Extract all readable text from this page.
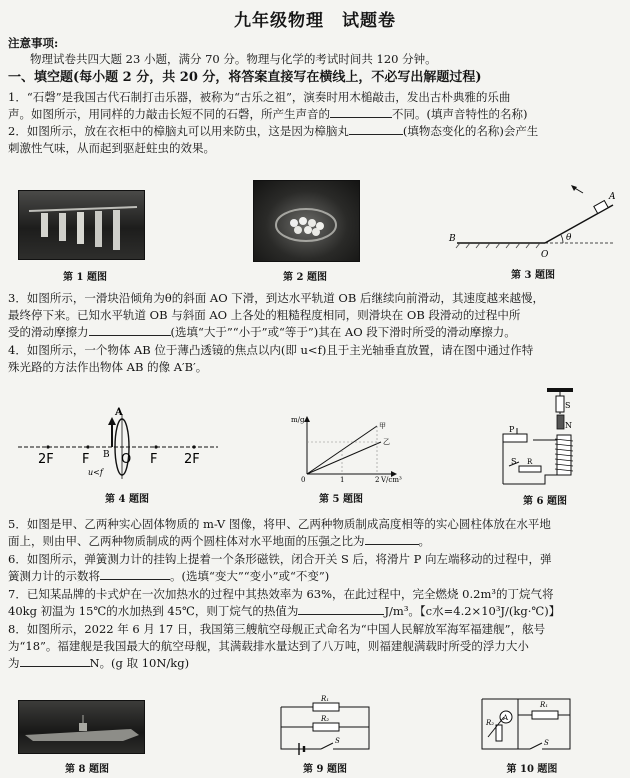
九年级物理　试题卷
注意事项:
物理试卷共四大题 23 小题，满分 70 分。物理与化学的考试时间共 120 分钟。
一、填空题(每小题 2 分，共 20 分，将答案直接写在横线上，不必写出解题过程)
1．“石磬”是我国古代石制打击乐器，被称为“古乐之祖”，演奏时用木槌敲击，发出古朴典雅的乐曲
声。如图所示，用同样的力敲击长短不同的石磬，所产生声音的	不同。(填声音特性的名称)
2．如图所示，放在衣柜中的樟脑丸可以用来防虫，这是因为樟脑丸	(填物态变化的名称)会产生
刺激性气味，从而起到驱赶蛀虫的效果。
B
O
A
θ
第 1 题图	第 2 题图	第 3 题图
3．如图所示，一滑块沿倾角为θ的斜面 AO 下滑，到达水平轨道 OB 后继续向前滑动，其速度越来越慢，
最终停下来。已知水平轨道 OB 与斜面 AO 上各处的粗糙程度相同，则滑块在 OB 段滑动的过程中所
受的滑动摩擦力	(选填“大于”“小于”或“等于”)其在 AO 段下滑时所受的滑动摩擦力。
4．如图所示，一个物体 AB 位于薄凸透镜的焦点以内(即 u<f)且于主光轴垂直放置，请在图中通过作特
殊光路的方法作出物体 AB 的像 A′B′。
2F F O F 2F
u<f
A
B
m/g
V/cm³
0	1	2
甲
乙
S
N
P
S R
第 4 题图	第 5 题图	第 6 题图
5．如图是甲、乙两种实心固体物质的 m-V 图像，将甲、乙两种物质制成高度相等的实心圆柱体放在水平地
面上，则由甲、乙两种物质制成的两个圆柱体对水平地面的压强之比为	。
6．如图所示，弹簧测力计的挂钩上提着一个条形磁铁，闭合开关 S 后，将滑片 P 向左端移动的过程中，弹
簧测力计的示数将	。(选填“变大”“变小”或“不变”)
7．已知某品牌的卡式炉在一次加热水的过程中其热效率为 63%，在此过程中，完全燃烧 0.2m³的丁烷气将
40kg 初温为 15℃的水加热到 45℃，则丁烷气的热值为	J/m³。【c水=4.2×10³J/(kg·℃)】
8．如图所示，2022 年 6 月 17 日，我国第三艘航空母舰正式命名为“中国人民解放军海军福建舰”，舷号
为“18”。福建舰是我国最大的航空母舰，其满载排水量达到了八万吨，则福建舰满载时所受的浮力大小
为	N。(g 取 10N/kg)
R₁
R₂
S
A
R₁
R₂
S
第 8 题图	第 9 题图	第 10 题图
